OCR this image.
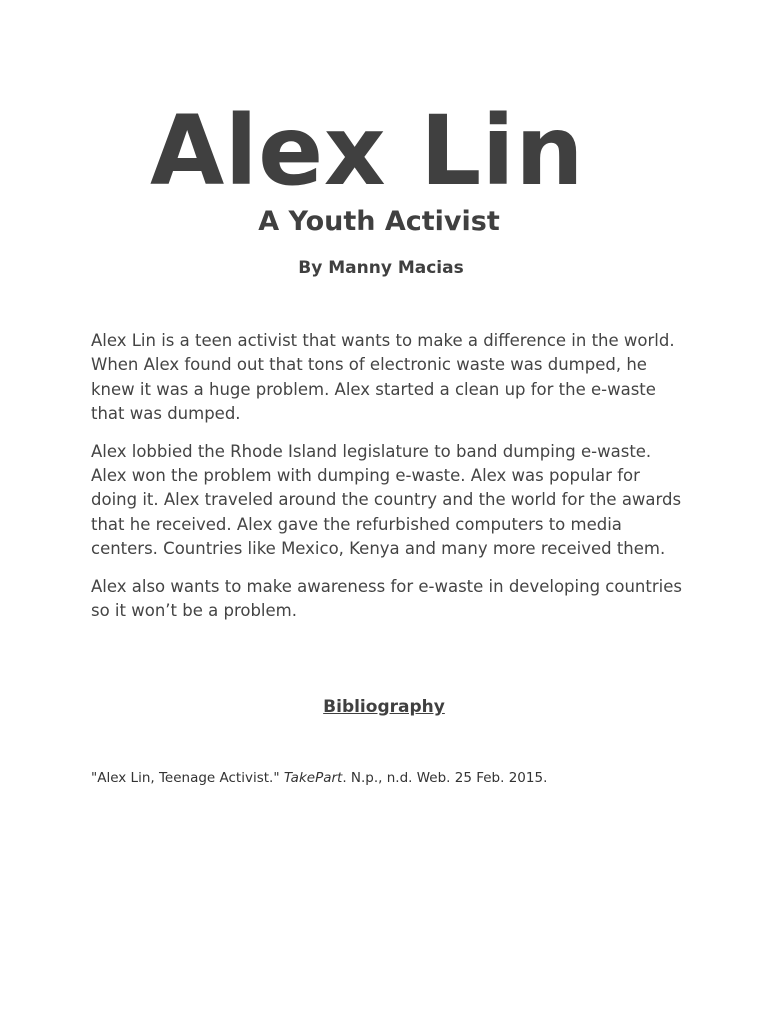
Alex Lin
A Youth Activist

By Manny Macias

Alex Lin is a teen activist that wants to make a difference in the world. When Alex found out that tons of electronic waste was dumped, he knew it was a huge problem. Alex started a clean up for the e-waste that was dumped.

Alex lobbied the Rhode Island legislature to band dumping e-waste. Alex won the problem with dumping e-waste. Alex was popular for doing it. Alex traveled around the country and the world for the awards that he received. Alex gave the refurbished computers to media centers. Countries like Mexico, Kenya and many more received them.

Alex also wants to make awareness for e-waste in developing countries so it won’t be a problem.

Bibliography

"Alex Lin, Teenage Activist." TakePart. N.p., n.d. Web. 25 Feb. 2015.
